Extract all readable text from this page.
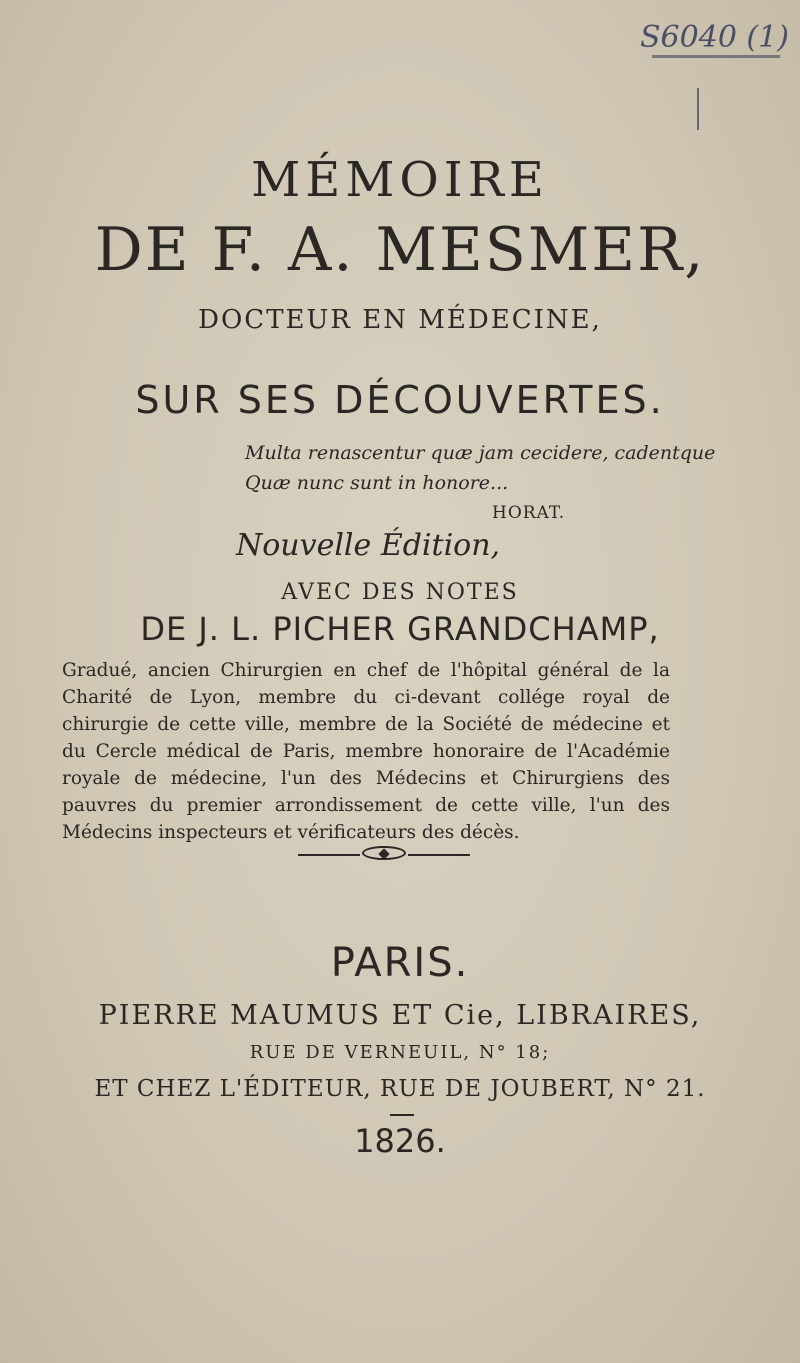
S6040 (1)
MÉMOIRE
DE F. A. MESMER,
DOCTEUR EN MÉDECINE,
SUR SES DÉCOUVERTES.
Multa renascentur quæ jam cecidere, cadentque
Quæ nunc sunt in honore...
HORAT.
Nouvelle Édition,
AVEC DES NOTES
DE J. L. PICHER GRANDCHAMP,
Gradué, ancien Chirurgien en chef de l'hôpital général de la Charité de Lyon, membre du ci-devant collége royal de chirurgie de cette ville, membre de la Société de médecine et du Cercle médical de Paris, membre honoraire de l'Académie royale de médecine, l'un des Médecins et Chirurgiens des pauvres du premier arrondissement de cette ville, l'un des Médecins inspecteurs et vérificateurs des décès.
PARIS.
PIERRE MAUMUS ET Cie, LIBRAIRES,
RUE DE VERNEUIL, N° 18;
ET CHEZ L'ÉDITEUR, RUE DE JOUBERT, N° 21.
1826.
